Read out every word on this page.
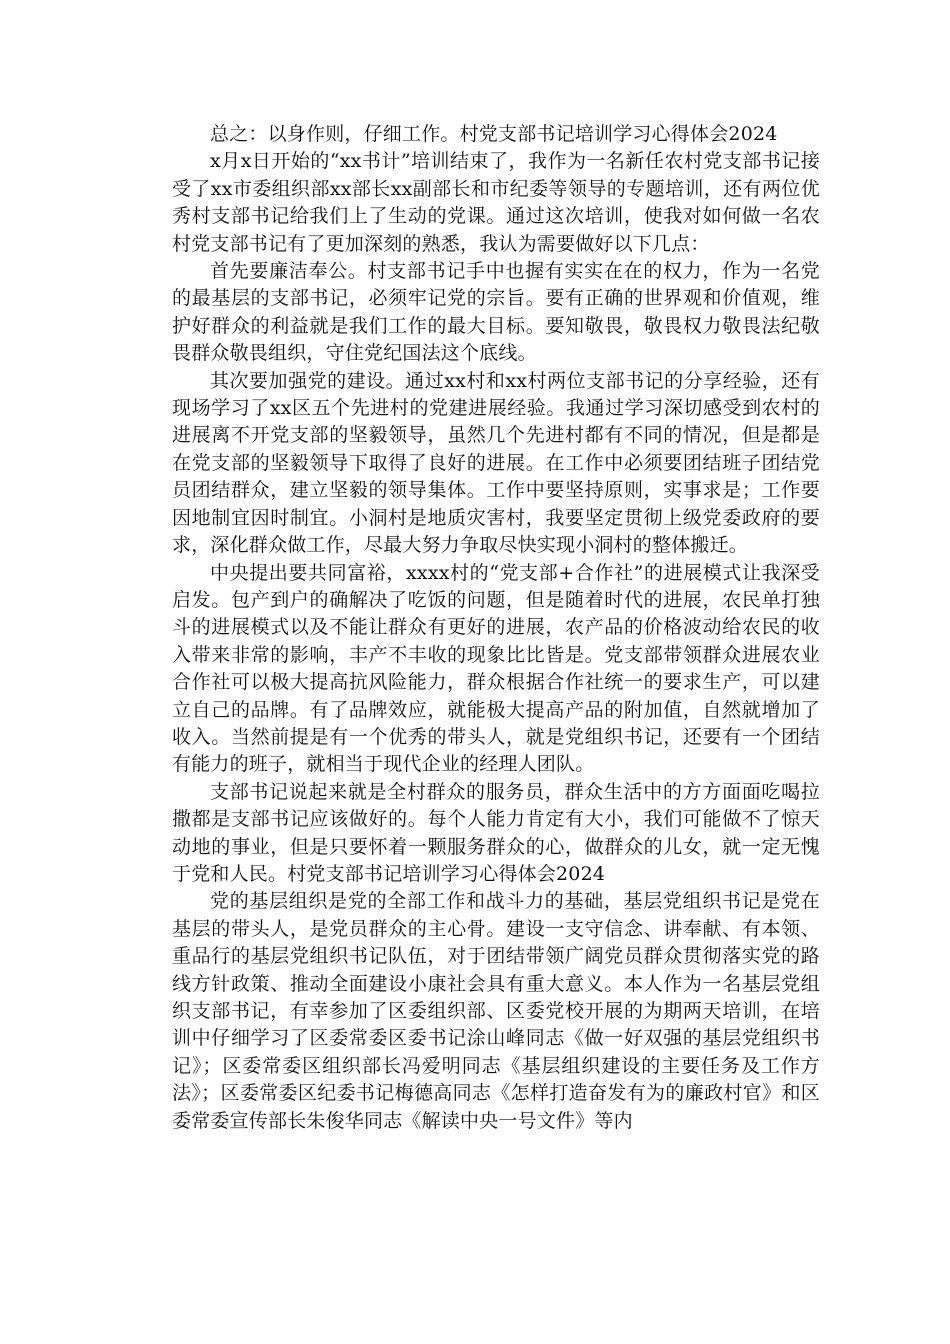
总之：以身作则，仔细工作。村党支部书记培训学习心得体会2024

x月x日开始的“xx书计”培训结束了，我作为一名新任农村党支部书记接受了xx市委组织部xx部长xx副部长和市纪委等领导的专题培训，还有两位优秀村支部书记给我们上了生动的党课。通过这次培训，使我对如何做一名农村党支部书记有了更加深刻的熟悉，我认为需要做好以下几点：

首先要廉洁奉公。村支部书记手中也握有实实在在的权力，作为一名党的最基层的支部书记，必须牢记党的宗旨。要有正确的世界观和价值观，维护好群众的利益就是我们工作的最大目标。要知敬畏，敬畏权力敬畏法纪敬畏群众敬畏组织，守住党纪国法这个底线。

其次要加强党的建设。通过xx村和xx村两位支部书记的分享经验，还有现场学习了xx区五个先进村的党建进展经验。我通过学习深切感受到农村的进展离不开党支部的坚毅领导，虽然几个先进村都有不同的情况，但是都是在党支部的坚毅领导下取得了良好的进展。在工作中必须要团结班子团结党员团结群众，建立坚毅的领导集体。工作中要坚持原则，实事求是；工作要因地制宜因时制宜。小洞村是地质灾害村，我要坚定贯彻上级党委政府的要求，深化群众做工作，尽最大努力争取尽快实现小洞村的整体搬迁。

中央提出要共同富裕，xxxx村的“党支部+合作社”的进展模式让我深受启发。包产到户的确解决了吃饭的问题，但是随着时代的进展，农民单打独斗的进展模式以及不能让群众有更好的进展，农产品的价格波动给农民的收入带来非常的影响，丰产不丰收的现象比比皆是。党支部带领群众进展农业合作社可以极大提高抗风险能力，群众根据合作社统一的要求生产，可以建立自己的品牌。有了品牌效应，就能极大提高产品的附加值，自然就增加了收入。当然前提是有一个优秀的带头人，就是党组织书记，还要有一个团结有能力的班子，就相当于现代企业的经理人团队。

支部书记说起来就是全村群众的服务员，群众生活中的方方面面吃喝拉撒都是支部书记应该做好的。每个人能力肯定有大小，我们可能做不了惊天动地的事业，但是只要怀着一颗服务群众的心，做群众的儿女，就一定无愧于党和人民。村党支部书记培训学习心得体会2024

党的基层组织是党的全部工作和战斗力的基础，基层党组织书记是党在基层的带头人，是党员群众的主心骨。建设一支守信念、讲奉献、有本领、重品行的基层党组织书记队伍，对于团结带领广阔党员群众贯彻落实党的路线方针政策、推动全面建设小康社会具有重大意义。本人作为一名基层党组织支部书记，有幸参加了区委组织部、区委党校开展的为期两天培训，在培训中仔细学习了区委常委区委书记涂山峰同志《做一好双强的基层党组织书记》；区委常委区组织部长冯爱明同志《基层组织建设的主要任务及工作方法》；区委常委区纪委书记梅德高同志《怎样打造奋发有为的廉政村官》和区委常委宣传部长朱俊华同志《解读中央一号文件》等内
